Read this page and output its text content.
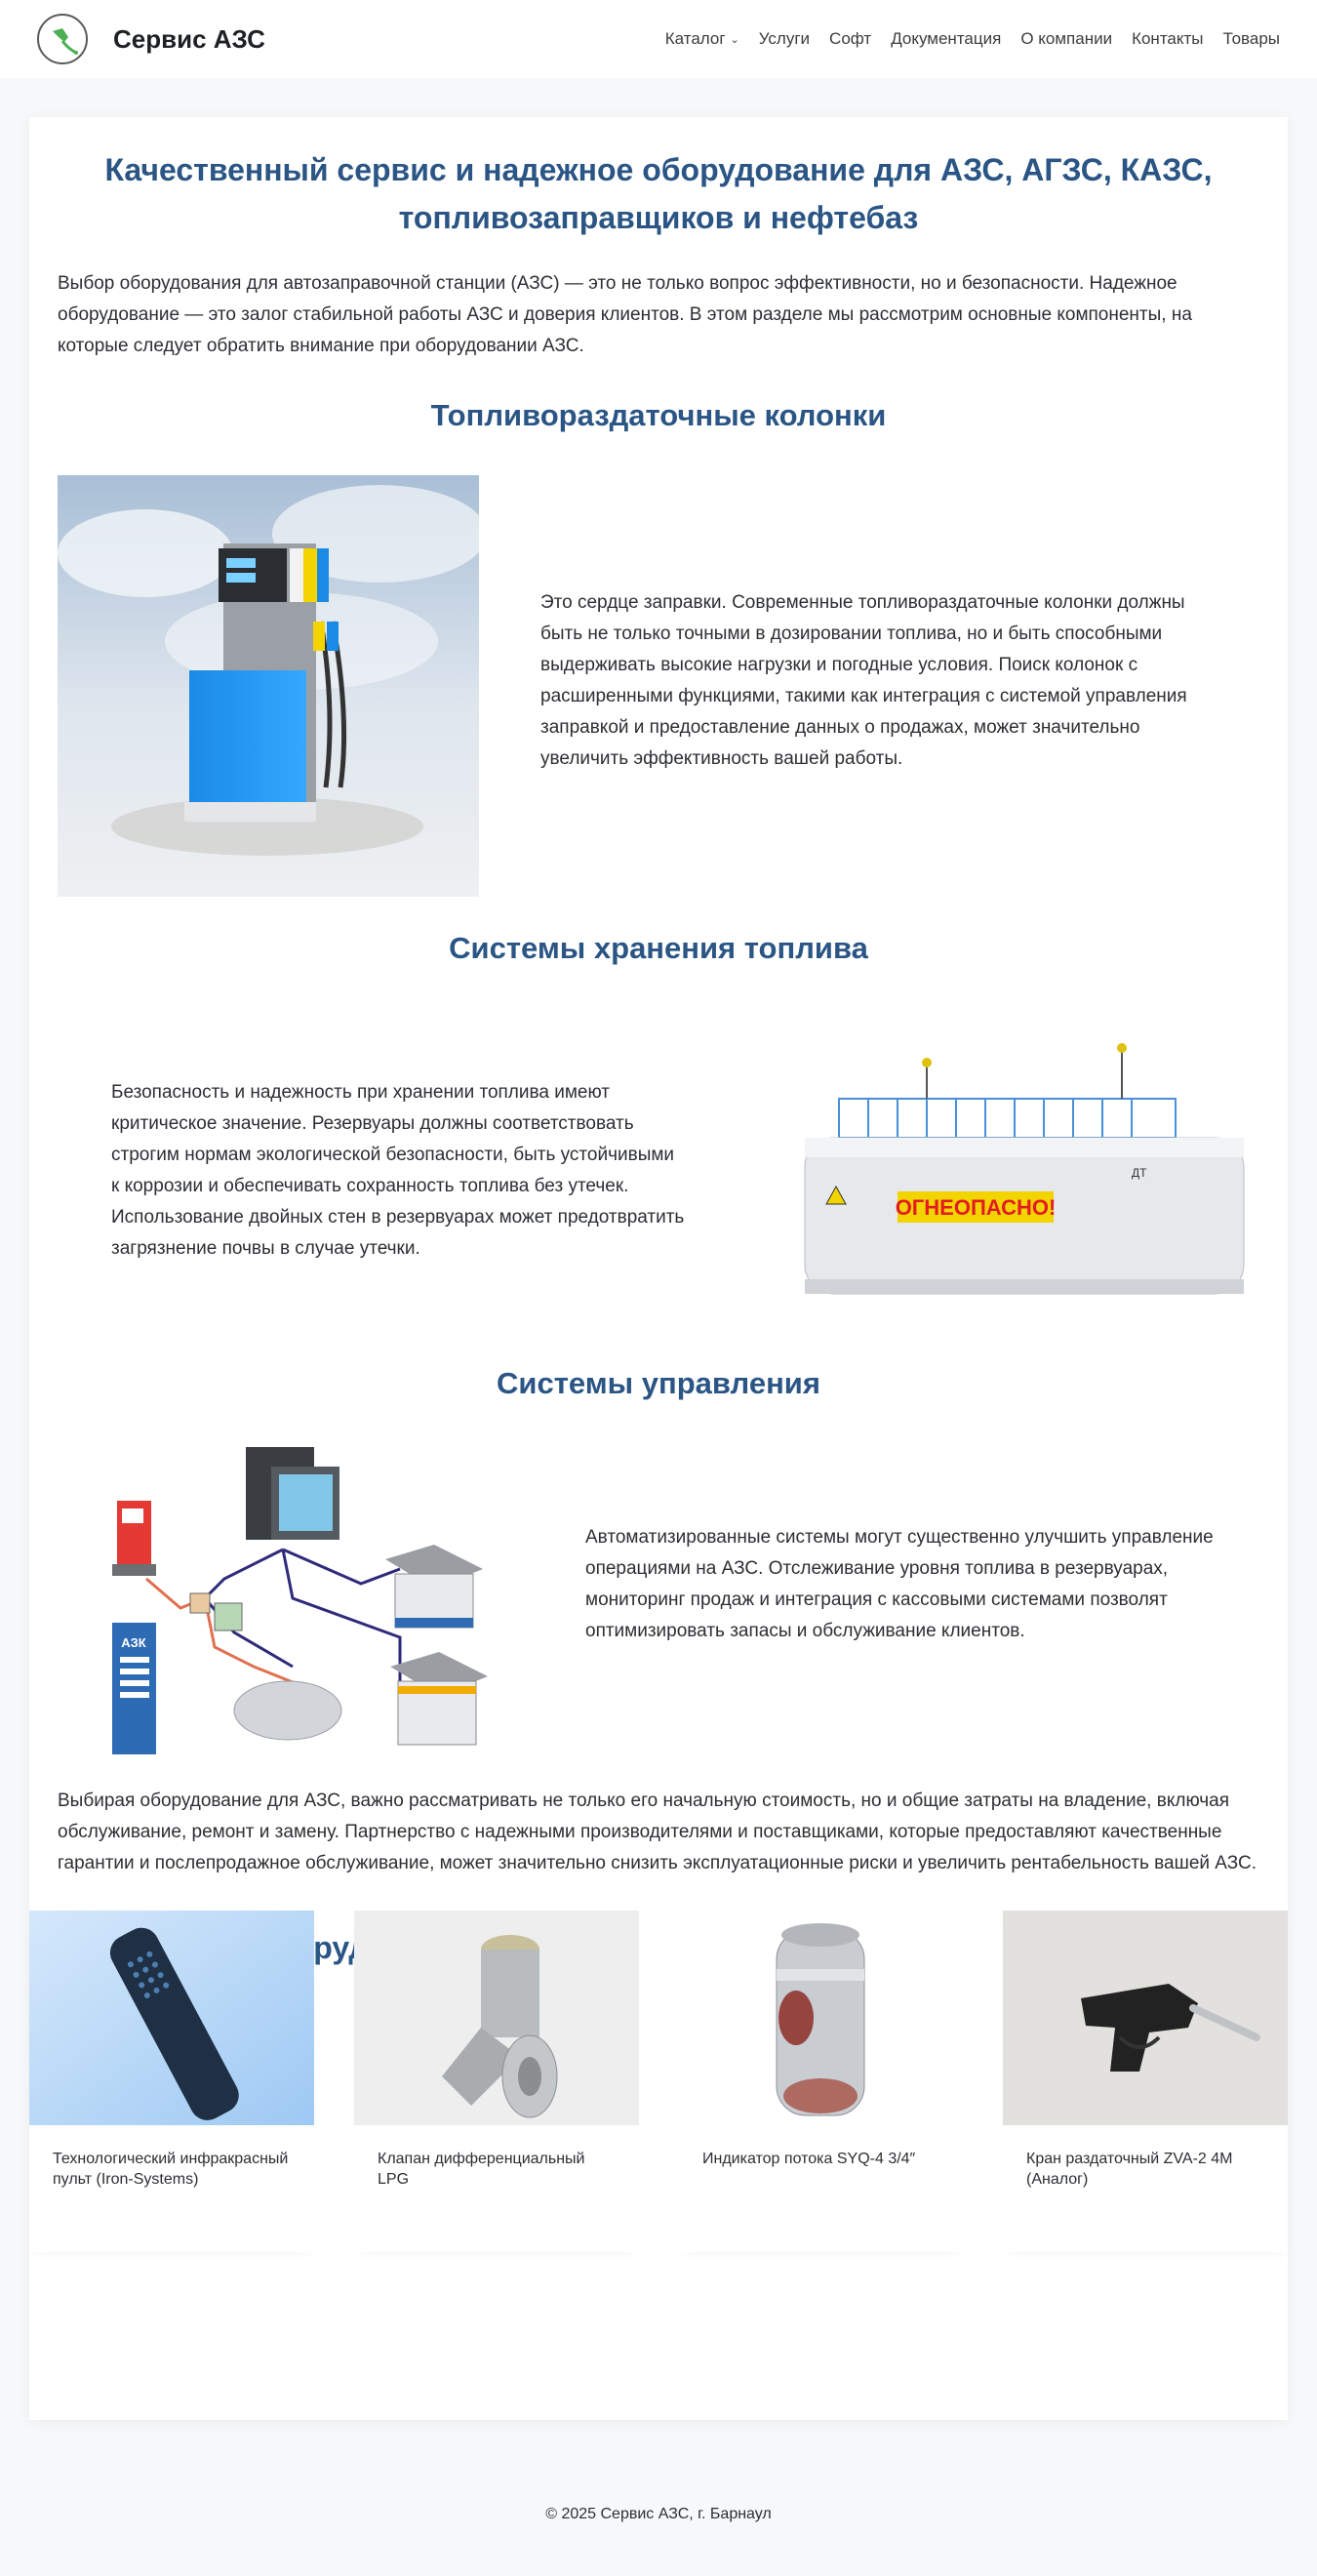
Сервис АЗС	Каталог ⌄ Услуги Софт Документация О компании Контакты Товары
Качественный сервис и надежное оборудование для АЗС, АГЗС, КАЗС, топливозаправщиков и нефтебаз

Выбор оборудования для автозаправочной станции (АЗС) — это не только вопрос эффективности, но и безопасности. Надежное оборудование — это залог стабильной работы АЗС и доверия клиентов. В этом разделе мы рассмотрим основные компоненты, на которые следует обратить внимание при оборудовании АЗС.

Топливораздаточные колонки

Это сердце заправки. Современные топливораздаточные колонки должны быть не только точными в дозировании топлива, но и быть способными выдерживать высокие нагрузки и погодные условия. Поиск колонок с расширенными функциями, такими как интеграция с системой управления заправкой и предоставление данных о продажах, может значительно увеличить эффективность вашей работы.

Системы хранения топлива

Безопасность и надежность при хранении топлива имеют критическое значение. Резервуары должны соответствовать строгим нормам экологической безопасности, быть устойчивыми к коррозии и обеспечивать сохранность топлива без утечек. Использование двойных стен в резервуарах может предотвратить загрязнение почвы в случае утечки.

ОГНЕОПАСНО!
ДТ
Системы управления
АЗК

Автоматизированные системы могут существенно улучшить управление операциями на АЗС. Отслеживание уровня топлива в резервуарах, мониторинг продаж и интеграция с кассовыми системами позволят оптимизировать запасы и обслуживание клиентов.

Выбирая оборудование для АЗС, важно рассматривать не только его начальную стоимость, но и общие затраты на владение, включая обслуживание, ремонт и замену. Партнерство с надежными производителями и поставщиками, которые предоставляют качественные гарантии и послепродажное обслуживание, может значительно снизить эксплуатационные риски и увеличить рентабельность вашей АЗС.

Технологический инфракрасный пульт (Iron-Systems)
Клапан дифференциальный LPG
Индикатор потока SYQ-4 3/4″	Кран раздаточный ZVA-2 4M (Аналог)
© 2025 Сервис АЗС, г. Барнаул
